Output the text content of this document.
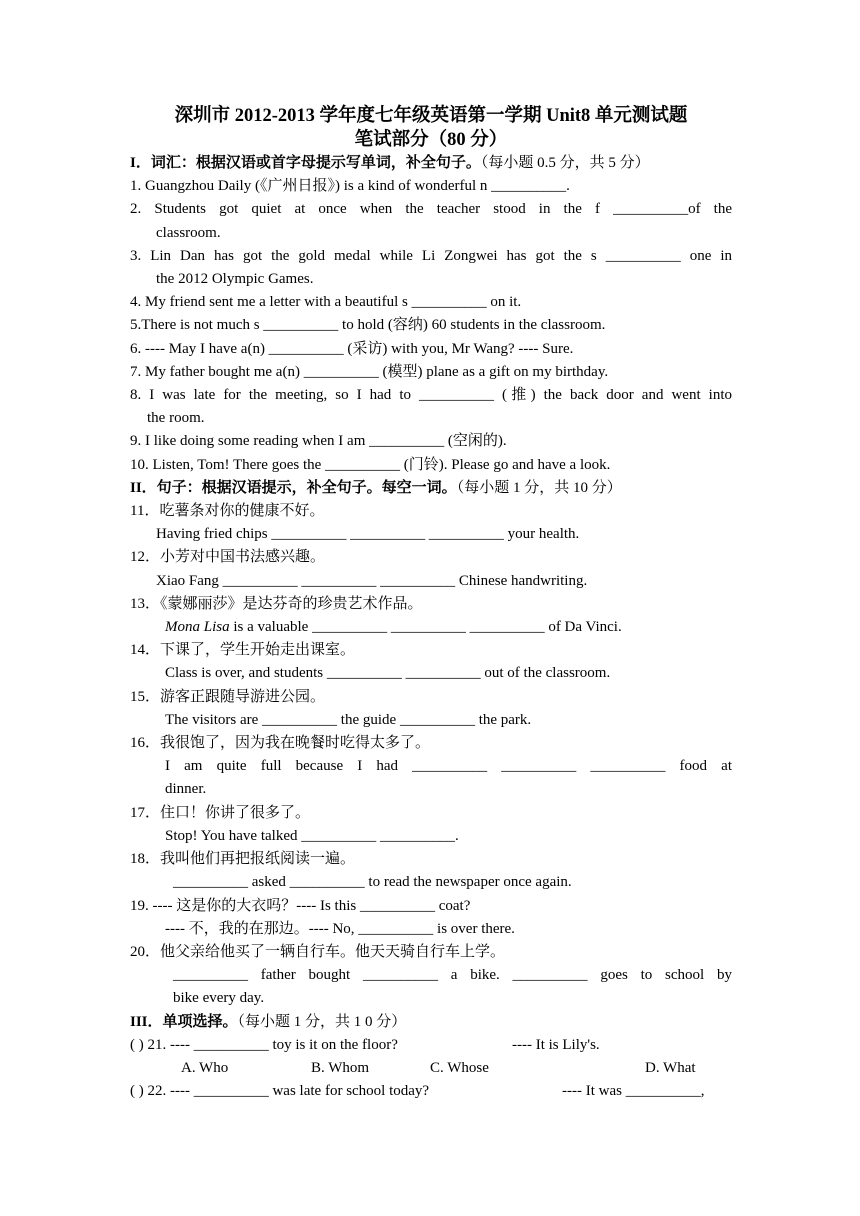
深圳市 2012-2013 学年度七年级英语第一学期 Unit8 单元测试题
笔试部分（80 分）
I．词汇：根据汉语或首字母提示写单词，补全句子。（每小题 0.5 分，共 5 分）
1. Guangzhou Daily (《广州日报》) is a kind of wonderful n __________.
2. Students got quiet at once when the teacher stood in the f __________of the
classroom.
3. Lin Dan has got the gold medal while Li Zongwei has got the s __________ one in
the 2012 Olympic Games.
4. My friend sent me a letter with a beautiful s __________ on it.
5.There is not much s __________ to hold (容纳) 60 students in the classroom.
6. ---- May I have a(n) __________ (采访) with you, Mr Wang? ---- Sure.
7. My father bought me a(n) __________ (模型) plane as a gift on my birthday.
8. I was late for the meeting, so I had to __________ (推) the back door and went into
the room.
9. I like doing some reading when I am __________ (空闲的).
10. Listen, Tom! There goes the __________ (门铃). Please go and have a look.
II．句子：根据汉语提示，补全句子。每空一词。（每小题 1 分，共 10 分）
11．吃薯条对你的健康不好。
Having fried chips __________ __________ __________ your health.
12．小芳对中国书法感兴趣。
Xiao Fang __________ __________ __________ Chinese handwriting.
13．《蒙娜丽莎》是达芬奇的珍贵艺术作品。
Mona Lisa is a valuable __________ __________ __________ of Da Vinci.
14．下课了，学生开始走出课室。
Class is over, and students __________ __________ out of the classroom.
15．游客正跟随导游进公园。
The visitors are __________ the guide __________ the park.
16．我很饱了，因为我在晚餐时吃得太多了。
I am quite full because I had __________ __________ __________ food at
dinner.
17．住口！你讲了很多了。
Stop! You have talked __________ __________.
18．我叫他们再把报纸阅读一遍。
__________ asked __________ to read the newspaper once again.
19. ---- 这是你的大衣吗？---- Is this __________ coat?
---- 不，我的在那边。---- No, __________ is over there.
20．他父亲给他买了一辆自行车。他天天骑自行车上学。
__________ father bought __________ a bike. __________ goes to school by
bike every day.
III．单项选择。（每小题 1 分，共 1 0 分）
( ) 21. ---- __________ toy is it on the floor?	---- It is Lily's.
A. Who	B. Whom	C. Whose	D. What
( ) 22. ---- __________ was late for school today?	---- It was __________,
